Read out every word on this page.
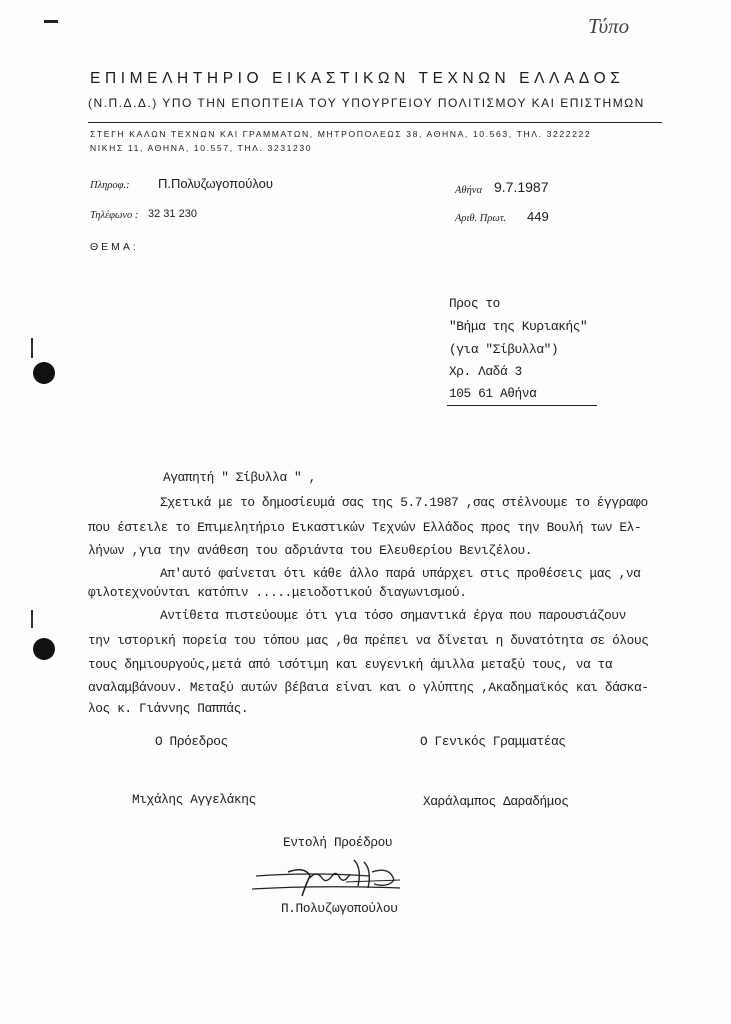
Τύπο
ΕΠΙΜΕΛΗΤΗΡΙΟ ΕΙΚΑΣΤΙΚΩΝ ΤΕΧΝΩΝ ΕΛΛΑΔΟΣ
(Ν.Π.Δ.Δ.) ΥΠΟ ΤΗΝ ΕΠΟΠΤΕΙΑ ΤΟΥ ΥΠΟΥΡΓΕΙΟΥ ΠΟΛΙΤΙΣΜΟΥ ΚΑΙ ΕΠΙΣΤΗΜΩΝ
ΣΤΕΓΗ ΚΑΛΩΝ ΤΕΧΝΩΝ ΚΑΙ ΓΡΑΜΜΑΤΩΝ, ΜΗΤΡΟΠΟΛΕΩΣ 38, ΑΘΗΝΑ, 10.563, ΤΗΛ. 3222222
ΝΙΚΗΣ 11, ΑΘΗΝΑ, 10.557, ΤΗΛ. 3231230
Πληροφ.: Π.Πολυζωγοπούλου
Τηλέφωνο : 32 31 230
ΘΕΜΑ:
Αθήνα 9.7.1987
Αριθ. Πρωτ. 449
Προς το
"Βήμα της Κυριακής"
(για "Σίβυλλα")
Χρ. Λαδά 3
105 61 Αθήνα
Αγαπητή " Σίβυλλα " ,
Σχετικά με το δημοσίευμά σας της 5.7.1987 ,σας στέλνουμε το έγγραφο
που έστειλε το Επιμελητήριο Εικαστικών Τεχνών Ελλάδος προς την Βουλή των Ελ-
λήνων ,για την ανάθεση του αδριάντα του Ελευθερίου Βενιζέλου.
Απ'αυτό φαίνεται ότι κάθε άλλο παρά υπάρχει στις προθέσεις μας ,να
φιλοτεχνούνται κατόπιν .....μειοδοτικού διαγωνισμού.
Αντίθετα πιστεύουμε ότι για τόσο σημαντικά έργα που παρουσιάζουν
την ιστορική πορεία του τόπου μας ,θα πρέπει να δίνεται η δυνατότητα σε όλους
τους δημιουργούς,μετά από ισότιμη και ευγενική άμιλλα μεταξύ τους, να τα
αναλαμβάνουν. Μεταξύ αυτών βέβαια είναι και ο γλύπτης ,Ακαδημαϊκός και δάσκα-
λος κ. Γιάννης Παππάς.
Ο Πρόεδρος	Ο Γενικός Γραμματέας
Μιχάλης Αγγελάκης	Χαράλαμπος Δαραδήμος
Εντολή Προέδρου
Π.Πολυζωγοπούλου
